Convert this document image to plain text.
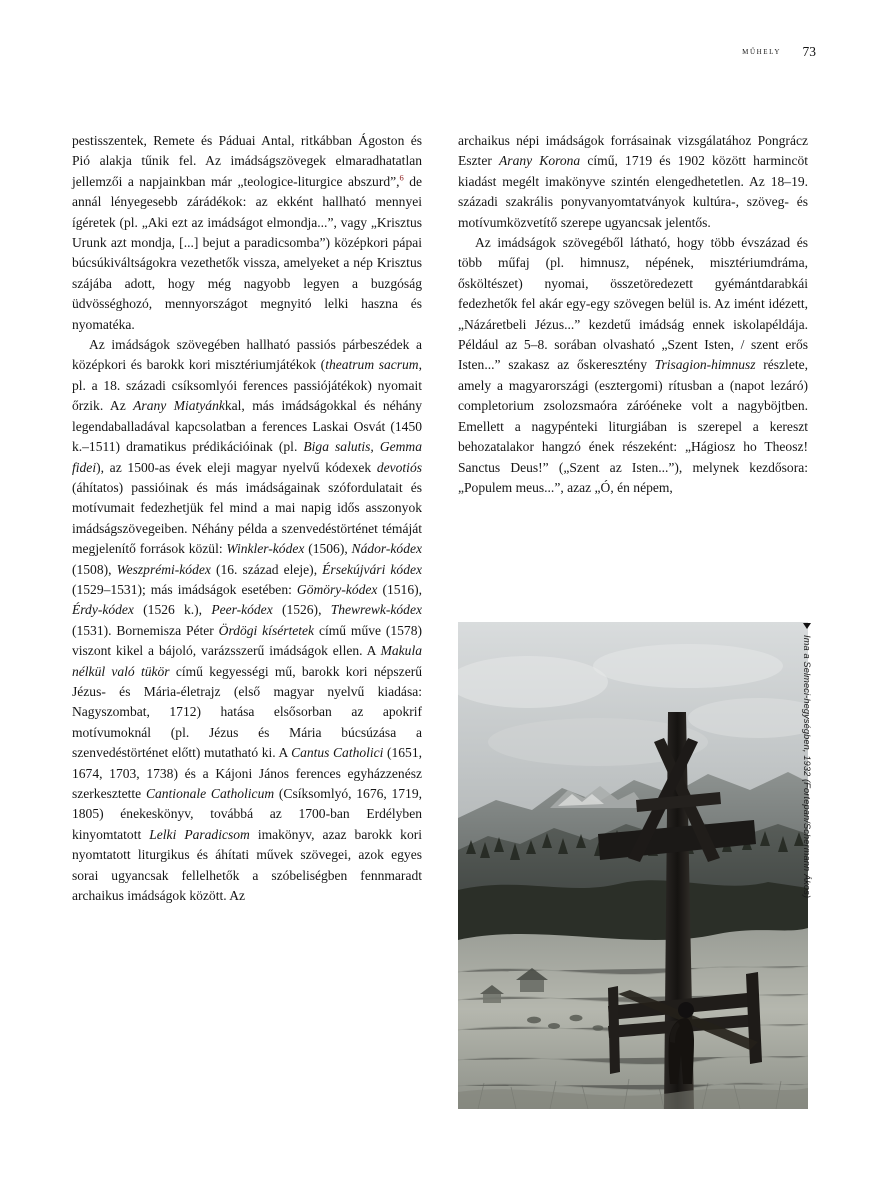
műhely 73

pestisszentek, Remete és Páduai Antal, ritkábban Ágoston és Pió alakja tűnik fel. Az imádságszövegek elmaradhatatlan jellemzői a napjainkban már „teologice-liturgice abszurd”,$^6$ de annál lényegesebb zárádékok: az ekként hallható mennyei ígéretek (pl. „Aki ezt az imádságot elmondja...”, vagy „Krisztus Urunk azt mondja, [...] bejut a paradicsomba”) középkori pápai búcsúkiváltságokra vezethetők vissza, amelyeket a nép Krisztus szájába adott, hogy még nagyobb legyen a buzgóság üdvösséghozó, mennyországot megnyitó lelki haszna és nyomatéka.

Az imádságok szövegében hallható passiós párbeszédek a középkori és barokk kori misztériumjátékok (theatrum sacrum, pl. a 18. századi csíksomlyói ferences passiójátékok) nyomait őrzik. Az Arany Miatyánkkal, más imádságokkal és néhány legendaballadával kapcsolatban a ferences Laskai Osvát (1450 k.–1511) dramatikus prédikációinak (pl. Biga salutis, Gemma fidei), az 1500-as évek eleji magyar nyelvű kódexek devotiós (áhítatos) passióinak és más imádságainak szófordulatait és motívumait fedezhetjük fel mind a mai napig idős asszonyok imádságszövegeiben. Néhány példa a szenvedéstörténet témáját megjelenítő források közül: Winkler-kódex (1506), Nádor-kódex (1508), Weszprémi-kódex (16. század eleje), Érsekújvári kódex (1529–1531); más imádságok esetében: Gömöry-kódex (1516), Érdy-kódex (1526 k.), Peer-kódex (1526), Thewrewk-kódex (1531). Bornemisza Péter Ördögi kísértetek című műve (1578) viszont kikel a bájoló, varázsszerű imádságok ellen. A Makula nélkül való tükör című kegyességi mű, barokk kori népszerű Jézus- és Mária-életrajz (első magyar nyelvű kiadása: Nagyszombat, 1712) hatása elsősorban az apokrif motívumoknál (pl. Jézus és Mária búcsúzása a szenvedéstörténet előtt) mutatható ki. A Cantus Catholici (1651, 1674, 1703, 1738) és a Kájoni János ferences egyházzenész szerkesztette Cantionale Catholicum (Csíksomlyó, 1676, 1719, 1805) énekeskönyv, továbbá az 1700-ban Erdélyben kinyomtatott Lelki Paradicsom imakönyv, azaz barokk kori nyomtatott liturgikus és áhítati művek szövegei, azok egyes sorai ugyancsak fellelhetők a szóbeliségben fennmaradt archaikus imádságok között. Az

archaikus népi imádságok forrásainak vizsgálatához Pongrácz Eszter Arany Korona című, 1719 és 1902 között harmincöt kiadást megélt imakönyve szintén elengedhetetlen. Az 18–19. századi szakrális ponyvanyomtatványok kultúra-, szöveg- és motívumközvetítő szerepe ugyancsak jelentős.

Az imádságok szövegéből látható, hogy több évszázad és több műfaj (pl. himnusz, népének, misztériumdráma, ősköltészet) nyomai, összetöredezett gyémántdarabkái fedezhetők fel akár egy-egy szövegen belül is. Az imént idézett, „Názáretbeli Jézus...” kezdetű imádság ennek iskolapéldája. Például az 5–8. sorában olvasható „Szent Isten, / szent erős Isten...” szakasz az őskeresztény Trisagion-himnusz részlete, amely a magyarországi (esztergomi) rítusban a (napot lezáró) completorium zsolozsmaóra záróéneke volt a nagyböjtben. Emellett a nagypénteki liturgiában is szerepel a kereszt behozatalakor hangzó ének részeként: „Hágiosz ho Theosz! Sanctus Deus!” („Szent az Isten...”), melynek kezdősora: „Populem meus...”, azaz „Ó, én népem,

Ima a Selmeci-hegységben, 1932 (Fortepan/Schermann Ákos)
